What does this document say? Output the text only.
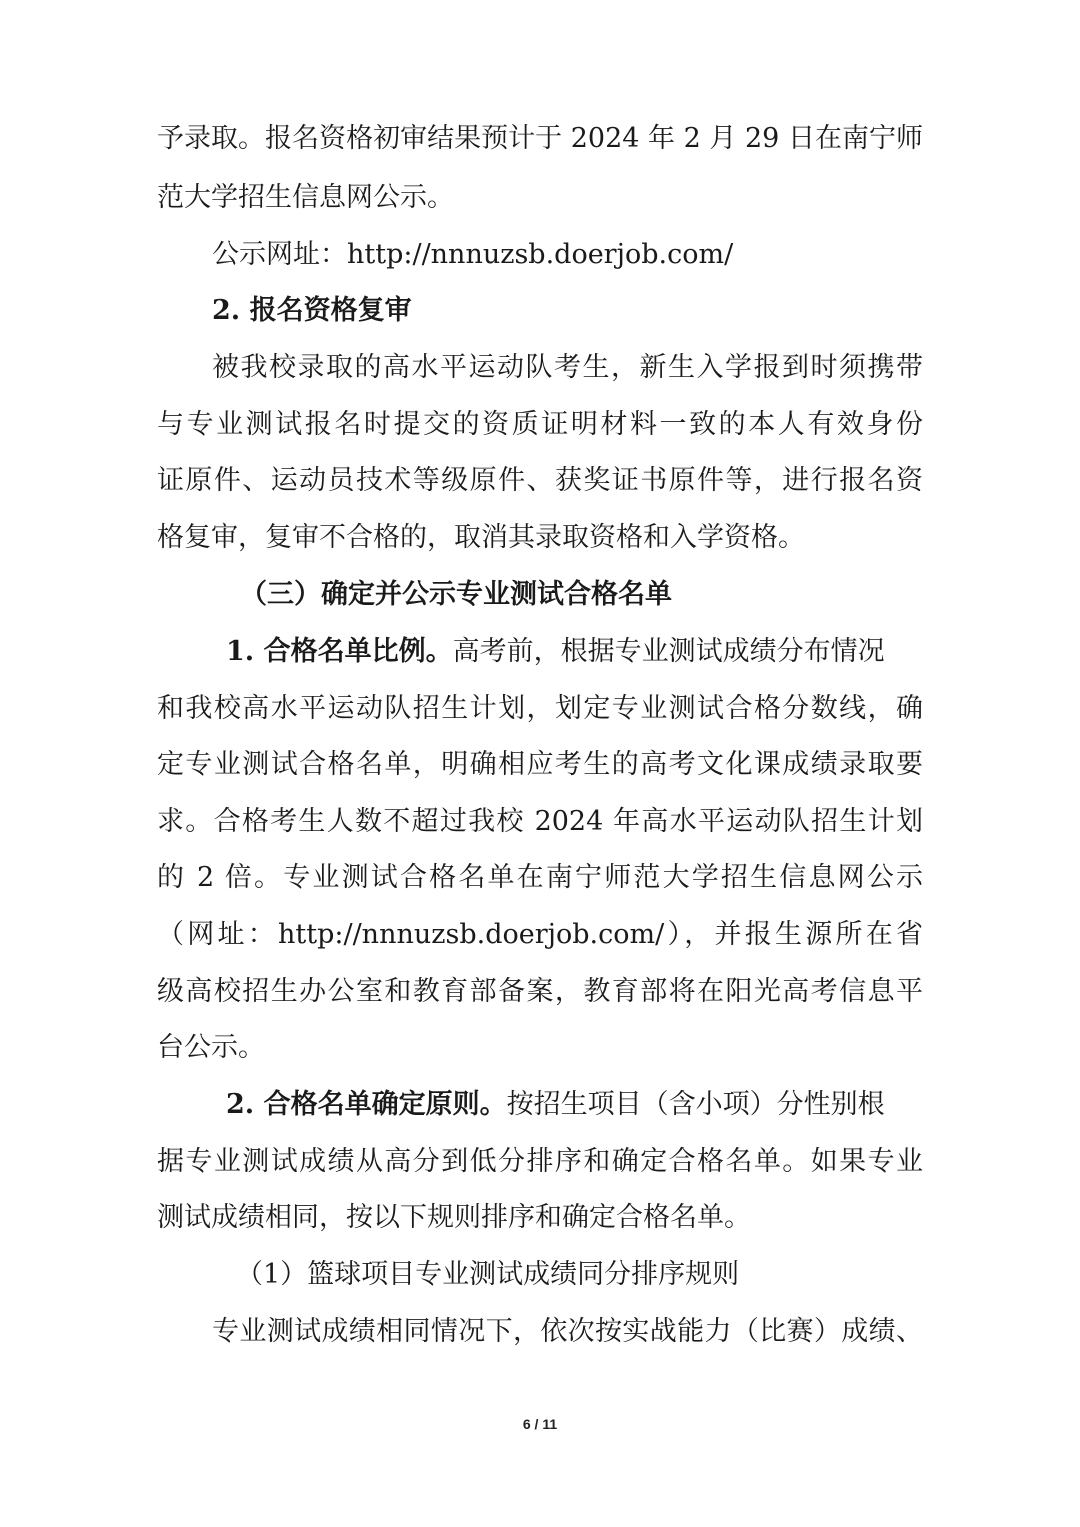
予录取。报名资格初审结果预计于 2024 年 2 月 29 日在南宁师
范大学招生信息网公示。
公示网址：http://nnnuzsb.doerjob.com/
2. 报名资格复审
被我校录取的高水平运动队考生，新生入学报到时须携带
与专业测试报名时提交的资质证明材料一致的本人有效身份
证原件、运动员技术等级原件、获奖证书原件等，进行报名资
格复审，复审不合格的，取消其录取资格和入学资格。
（三）确定并公示专业测试合格名单
1. 合格名单比例。高考前，根据专业测试成绩分布情况
和我校高水平运动队招生计划，划定专业测试合格分数线，确
定专业测试合格名单，明确相应考生的高考文化课成绩录取要
求。合格考生人数不超过我校 2024 年高水平运动队招生计划
的 2 倍。专业测试合格名单在南宁师范大学招生信息网公示
（网址：http://nnnuzsb.doerjob.com/），并报生源所在省
级高校招生办公室和教育部备案，教育部将在阳光高考信息平
台公示。
2. 合格名单确定原则。按招生项目（含小项）分性别根
据专业测试成绩从高分到低分排序和确定合格名单。如果专业
测试成绩相同，按以下规则排序和确定合格名单。
（1）篮球项目专业测试成绩同分排序规则
专业测试成绩相同情况下，依次按实战能力（比赛）成绩、
6 / 11
